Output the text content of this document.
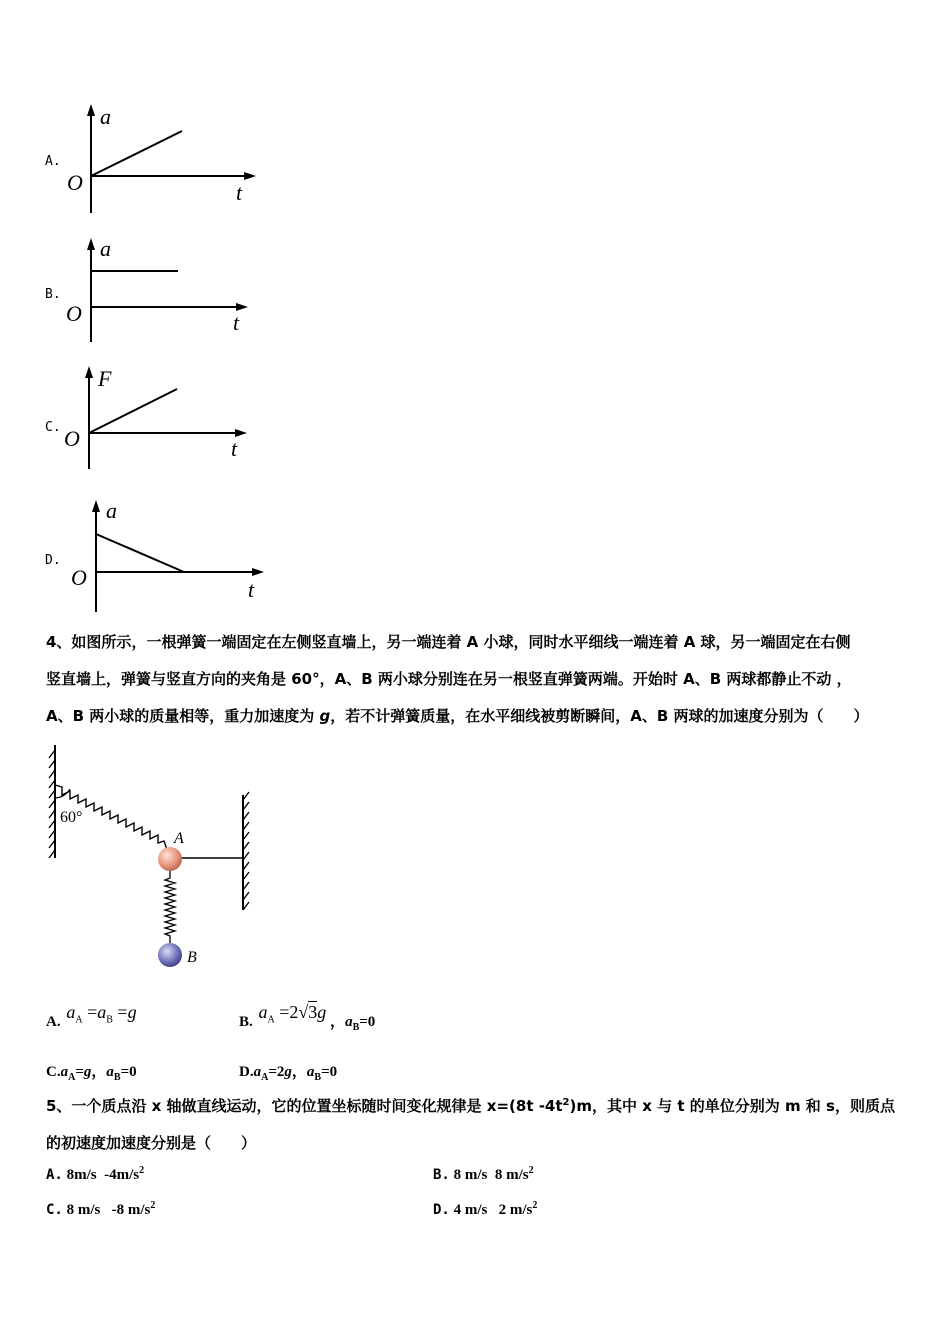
A.
a
O	t
B.
a
O	t
C.
F
O	t
D.
a
O	t
4、如图所示，一根弹簧一端固定在左侧竖直墙上，另一端连着 A 小球，同时水平细线一端连着 A 球，另一端固定在右侧
竖直墙上，弹簧与竖直方向的夹角是 60°，A、B 两小球分别连在另一根竖直弹簧两端。开始时 A、B 两球都静止不动 ，
A、B 两小球的质量相等，重力加速度为 g，若不计弹簧质量，在水平细线被剪断瞬间，A、B 两球的加速度分别为（　　）
60°
A
B
A. $a_A =a_B =g$	B. $a_A =2√3g$ ，$a_B=0$
$C.a_A=g$，$a_B=0$	$D.a_A=2g$，$a_B=0$
5、一个质点沿 x 轴做直线运动，它的位置坐标随时间变化规律是 x=(8t $-4t^2)m$，其中 x 与 t 的单位分别为 m 和 s，则质点
的初速度加速度分别是（　　）
A. 8m/s  $-4m/s^2$	B. 8 m/s  8 $m/s^2$
C. 8 m/s   -8 $m/s^2$	D. 4 m/s   2 $m/s^2$
